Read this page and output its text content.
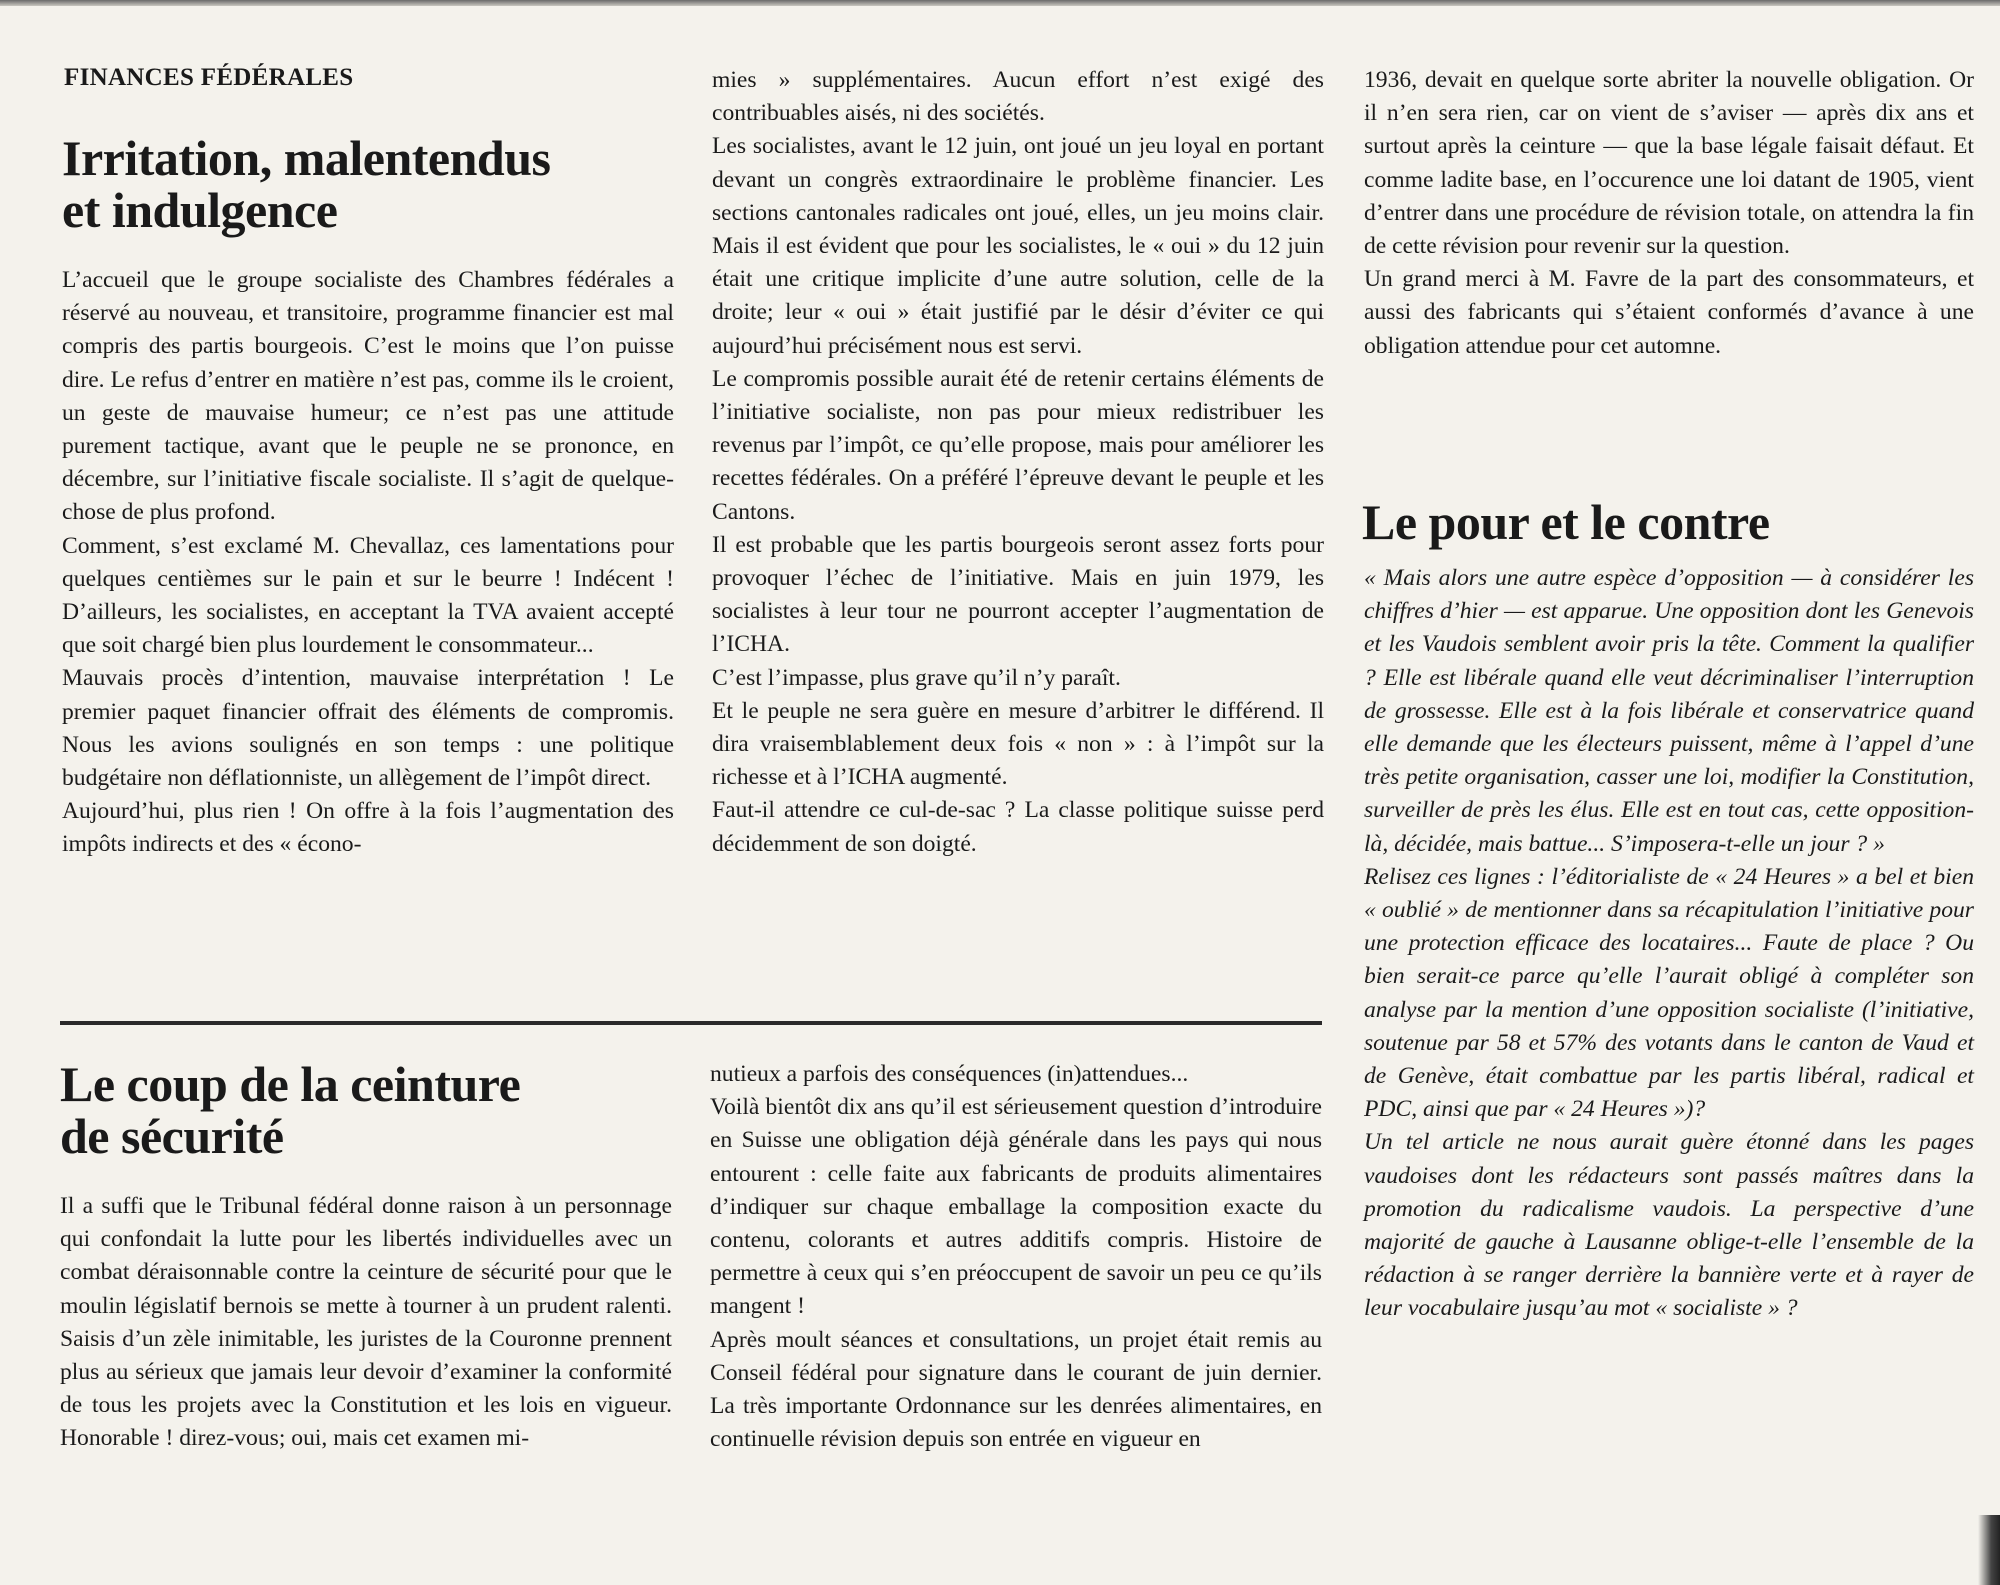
FINANCES FÉDÉRALES
Irritation, malentendus
et indulgence

L’accueil que le groupe socialiste des Chambres fédérales a réservé au nouveau, et transitoire, programme financier est mal compris des partis bourgeois. C’est le moins que l’on puisse dire. Le refus d’entrer en matière n’est pas, comme ils le croient, un geste de mauvaise humeur; ce n’est pas une attitude purement tactique, avant que le peuple ne se prononce, en décembre, sur l’initiative fiscale socialiste. Il s’agit de quelque-chose de plus profond.

Comment, s’est exclamé M. Chevallaz, ces lamentations pour quelques centièmes sur le pain et sur le beurre ! Indécent ! D’ailleurs, les socialistes, en acceptant la TVA avaient accepté que soit chargé bien plus lourdement le consommateur...

Mauvais procès d’intention, mauvaise interprétation ! Le premier paquet financier offrait des éléments de compromis. Nous les avions soulignés en son temps : une politique budgétaire non déflationniste, un allègement de l’impôt direct.

Aujourd’hui, plus rien ! On offre à la fois l’augmentation des impôts indirects et des « écono-

mies » supplémentaires. Aucun effort n’est exigé des contribuables aisés, ni des sociétés.

Les socialistes, avant le 12 juin, ont joué un jeu loyal en portant devant un congrès extraordinaire le problème financier. Les sections cantonales radicales ont joué, elles, un jeu moins clair. Mais il est évident que pour les socialistes, le « oui » du 12 juin était une critique implicite d’une autre solution, celle de la droite; leur « oui » était justifié par le désir d’éviter ce qui aujourd’hui précisément nous est servi.

Le compromis possible aurait été de retenir certains éléments de l’initiative socialiste, non pas pour mieux redistribuer les revenus par l’impôt, ce qu’elle propose, mais pour améliorer les recettes fédérales. On a préféré l’épreuve devant le peuple et les Cantons.

Il est probable que les partis bourgeois seront assez forts pour provoquer l’échec de l’initiative. Mais en juin 1979, les socialistes à leur tour ne pourront accepter l’augmentation de l’ICHA.

C’est l’impasse, plus grave qu’il n’y paraît.

Et le peuple ne sera guère en mesure d’arbitrer le différend. Il dira vraisemblablement deux fois « non » : à l’impôt sur la richesse et à l’ICHA augmenté.

Faut-il attendre ce cul-de-sac ? La classe politique suisse perd décidemment de son doigté.

Le coup de la ceinture
de sécurité

Il a suffi que le Tribunal fédéral donne raison à un personnage qui confondait la lutte pour les libertés individuelles avec un combat déraisonnable contre la ceinture de sécurité pour que le moulin législatif bernois se mette à tourner à un prudent ralenti. Saisis d’un zèle inimitable, les juristes de la Couronne prennent plus au sérieux que jamais leur devoir d’examiner la conformité de tous les projets avec la Constitution et les lois en vigueur. Honorable ! direz-vous; oui, mais cet examen mi-

nutieux a parfois des conséquences (in)attendues...

Voilà bientôt dix ans qu’il est sérieusement question d’introduire en Suisse une obligation déjà générale dans les pays qui nous entourent : celle faite aux fabricants de produits alimentaires d’indiquer sur chaque emballage la composition exacte du contenu, colorants et autres additifs compris. Histoire de permettre à ceux qui s’en préoccupent de savoir un peu ce qu’ils mangent !

Après moult séances et consultations, un projet était remis au Conseil fédéral pour signature dans le courant de juin dernier. La très importante Ordonnance sur les denrées alimentaires, en continuelle révision depuis son entrée en vigueur en

1936, devait en quelque sorte abriter la nouvelle obligation. Or il n’en sera rien, car on vient de s’aviser — après dix ans et surtout après la ceinture — que la base légale faisait défaut. Et comme ladite base, en l’occurence une loi datant de 1905, vient d’entrer dans une procédure de révision totale, on attendra la fin de cette révision pour revenir sur la question.

Un grand merci à M. Favre de la part des consommateurs, et aussi des fabricants qui s’étaient conformés d’avance à une obligation attendue pour cet automne.

Le pour et le contre

« Mais alors une autre espèce d’opposition — à considérer les chiffres d’hier — est apparue. Une opposition dont les Genevois et les Vaudois semblent avoir pris la tête. Comment la qualifier ? Elle est libérale quand elle veut décriminaliser l’interruption de grossesse. Elle est à la fois libérale et conservatrice quand elle demande que les électeurs puissent, même à l’appel d’une très petite organisation, casser une loi, modifier la Constitution, surveiller de près les élus. Elle est en tout cas, cette opposition-là, décidée, mais battue... S’imposera-t-elle un jour ? »

Relisez ces lignes : l’éditorialiste de « 24 Heures » a bel et bien « oublié » de mentionner dans sa récapitulation l’initiative pour une protection efficace des locataires... Faute de place ? Ou bien serait-ce parce qu’elle l’aurait obligé à compléter son analyse par la mention d’une opposition socialiste (l’initiative, soutenue par 58 et 57% des votants dans le canton de Vaud et de Genève, était combattue par les partis libéral, radical et PDC, ainsi que par « 24 Heures »)?

Un tel article ne nous aurait guère étonné dans les pages vaudoises dont les rédacteurs sont passés maîtres dans la promotion du radicalisme vaudois. La perspective d’une majorité de gauche à Lausanne oblige-t-elle l’ensemble de la rédaction à se ranger derrière la bannière verte et à rayer de leur vocabulaire jusqu’au mot « socialiste » ?
